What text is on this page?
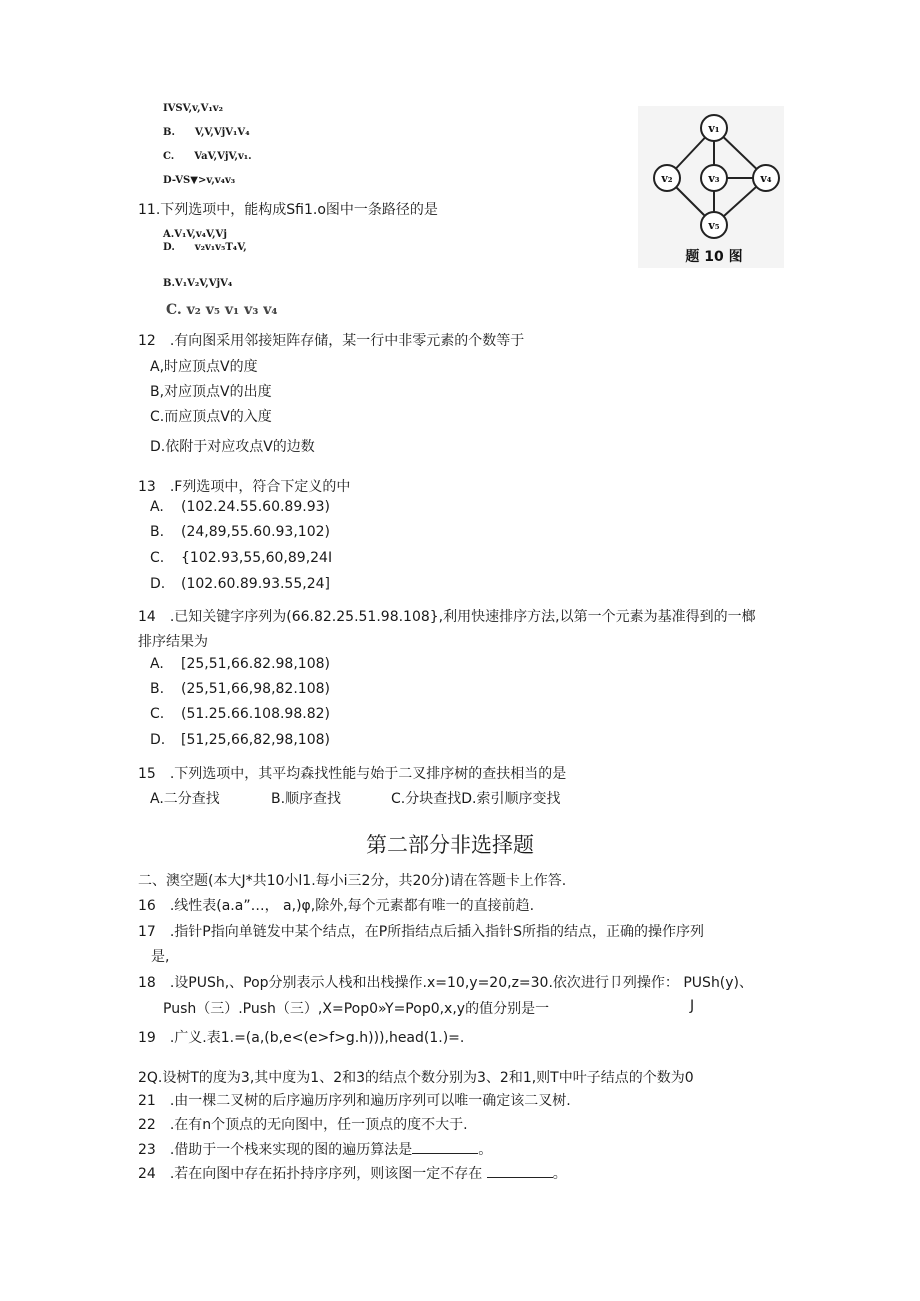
IVSV,v,V₁v₂
B.  V,V,VjV₁V₄
C.  VaV,VjV,v₁.
D-VS▼>v,v₄v₃
v₁
v₂	v₃	v₄
v₅
题 10 图
11.下列选项中，能构成Sfi1.o图中一条路径的是
A.V₁V,v₄V,Vj
D.  v₂v₁v₅T₄V,
B.V₁V₂V,VjV₄
C. v₂ v₅ v₁ v₃ v₄
12　.有向图采用邻接矩阵存储，某一行中非零元素的个数等于
A,时应顶点V的度
B,对应顶点V的出度
C.而应顶点V的入度
D.依附于对应攻点V的边数
13　.F列选项中，符合下定义的中
A. (102.24.55.60.89.93)
B. (24,89,55.60.93,102)
C. {102.93,55,60,89,24I
D. (102.60.89.93.55,24]
14　.已知关键字序列为(66.82.25.51.98.108},利用快速排序方法,以第一个元素为基准得到的一榔
排序结果为
A. [25,51,66.82.98,108)
B. (25,51,66,98,82.108)
C. (51.25.66.108.98.82)
D. [51,25,66,82,98,108)
15　.下列选项中，其平均森找性能与始于二叉排序树的查扶相当的是
A.二分查找	B.顺序查找	C.分块查找D.索引顺序变找
第二部分非选择题
二、澳空题(本大J*共10小l1.每小i三2分，共20分)请在答题卡上作答.
16　.线性表(a.a”…， a,)φ,除外,每个元素都有唯一的直接前趋.
17　.指针P指向单链发中某个结点，在P所指结点后插入指针S所指的结点，正确的操作序列
是,
18　.设PUSh,、Pop分别表示人栈和出栈操作.x=10,y=20,z=30.依次进行卩列操作： PUSh(y)、
Push（三）.Push（三）,X=Pop0»Y=Pop0,x,y的值分别是一	J
19　.广义.表1.=(a,(b,e<(e>f>g.h))),head(1.)=.
2Q.设树T的度为3,其中度为1、2和3的结点个数分别为3、2和1,则T中叶子结点的个数为0
21　.由一棵二叉树的后序遍历序列和遍历序列可以唯一确定该二叉树.
22　.在有n个顶点的无向图中，任一顶点的度不大于.
23　.借助于一个栈来实现的图的遍历算法是	。
24　.若在向图中存在拓扑持序序列，则该图一定不存在	。
